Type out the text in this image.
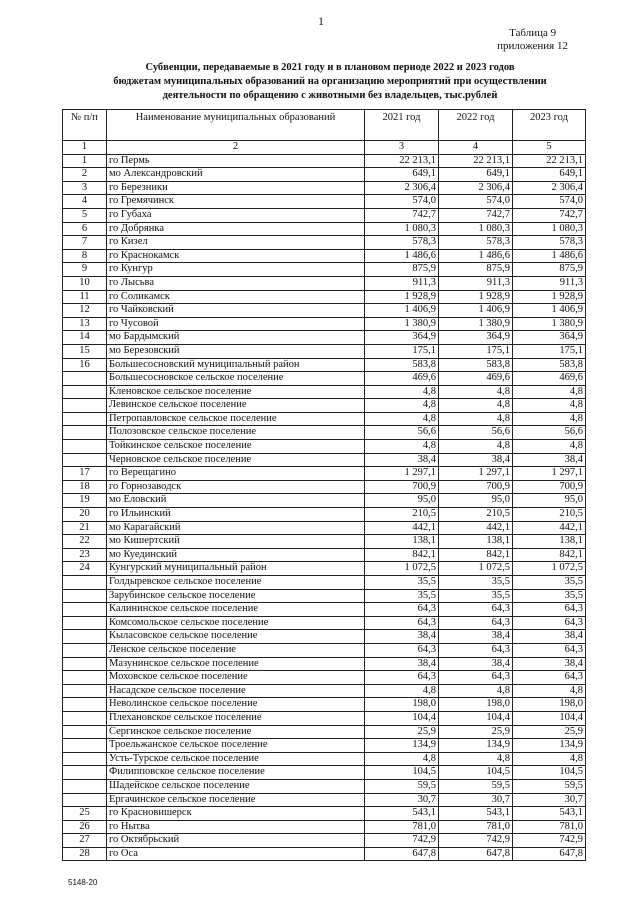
1
Таблица 9
приложения 12
Субвенции, передаваемые в 2021 году и в плановом периоде 2022 и 2023 годов
бюджетам муниципальных образований на организацию мероприятий при осуществлении
деятельности по обращению с животными без владельцев, тыс.рублей
№ п/п	Наименование муниципальных образований	2021 год	2022 год	2023 год
1	2	3	4	5
1	го Пермь	22 213,1	22 213,1	22 213,1
2	мо Александровский	649,1	649,1	649,1
3	го Березники	2 306,4	2 306,4	2 306,4
4	го Гремячинск	574,0	574,0	574,0
5	го Губаха	742,7	742,7	742,7
6	го Добрянка	1 080,3	1 080,3	1 080,3
7	го Кизел	578,3	578,3	578,3
8	го Краснокамск	1 486,6	1 486,6	1 486,6
9	го Кунгур	875,9	875,9	875,9
10	го Лысьва	911,3	911,3	911,3
11	го Соликамск	1 928,9	1 928,9	1 928,9
12	го Чайковский	1 406,9	1 406,9	1 406,9
13	го Чусовой	1 380,9	1 380,9	1 380,9
14	мо Бардымский	364,9	364,9	364,9
15	мо Березовский	175,1	175,1	175,1
16	Большесосновский муниципальный район	583,8	583,8	583,8
	Большесосновское сельское поселение	469,6	469,6	469,6
	Кленовское сельское поселение	4,8	4,8	4,8
	Левинское сельское поселение	4,8	4,8	4,8
	Петропавловское сельское поселение	4,8	4,8	4,8
	Полозовское сельское поселение	56,6	56,6	56,6
	Тойкинское сельское поселение	4,8	4,8	4,8
	Черновское сельское поселение	38,4	38,4	38,4
17	го Верещагино	1 297,1	1 297,1	1 297,1
18	го Горнозаводск	700,9	700,9	700,9
19	мо Еловский	95,0	95,0	95,0
20	го Ильинский	210,5	210,5	210,5
21	мо Карагайский	442,1	442,1	442,1
22	мо Кишертский	138,1	138,1	138,1
23	мо Куединский	842,1	842,1	842,1
24	Кунгурский муниципальный район	1 072,5	1 072,5	1 072,5
	Голдыревское сельское поселение	35,5	35,5	35,5
	Зарубинское сельское поселение	35,5	35,5	35,5
	Калининское сельское поселение	64,3	64,3	64,3
	Комсомольское сельское поселение	64,3	64,3	64,3
	Кыласовское сельское поселение	38,4	38,4	38,4
	Ленское сельское поселение	64,3	64,3	64,3
	Мазунинское сельское поселение	38,4	38,4	38,4
	Моховское сельское поселение	64,3	64,3	64,3
	Насадское сельское поселение	4,8	4,8	4,8
	Неволинское сельское поселение	198,0	198,0	198,0
	Плехановское сельское поселение	104,4	104,4	104,4
	Сергинское сельское поселение	25,9	25,9	25,9
	Троельжанское сельское поселение	134,9	134,9	134,9
	Усть-Турское сельское поселение	4,8	4,8	4,8
	Филипповское сельское поселение	104,5	104,5	104,5
	Шадейское сельское поселение	59,5	59,5	59,5
	Ергачинское сельское поселение	30,7	30,7	30,7
25	го Красновишерск	543,1	543,1	543,1
26	го Нытва	781,0	781,0	781,0
27	го Октябрьский	742,9	742,9	742,9
28	го Оса	647,8	647,8	647,8
5148-20
